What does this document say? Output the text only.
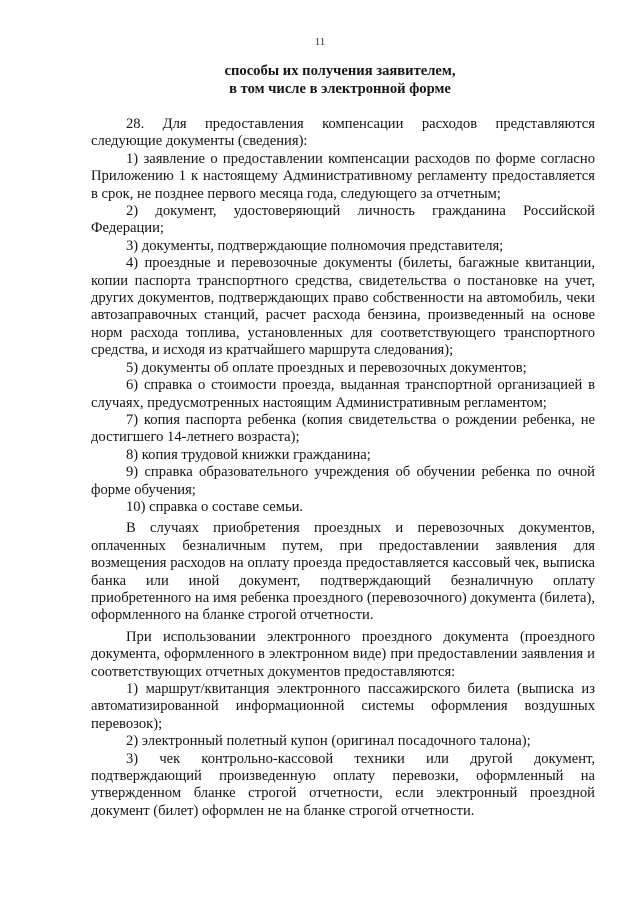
11
способы их получения заявителем,
в том числе в электронной форме

28. Для предоставления компенсации расходов представляются следующие документы (сведения):

1) заявление о предоставлении компенсации расходов по форме согласно Приложению 1 к настоящему Административному регламенту предоставляется в срок, не позднее первого месяца года, следующего за отчетным;

2) документ, удостоверяющий личность гражданина Российской Федерации;

3) документы, подтверждающие полномочия представителя;

4) проездные и перевозочные документы (билеты, багажные квитанции, копии паспорта транспортного средства, свидетельства о постановке на учет, других документов, подтверждающих право собственности на автомобиль, чеки автозаправочных станций, расчет расхода бензина, произведенный на основе норм расхода топлива, установленных для соответствующего транспортного средства, и исходя из кратчайшего маршрута следования);

5) документы об оплате проездных и перевозочных документов;

6) справка о стоимости проезда, выданная транспортной организацией в случаях, предусмотренных настоящим Административным регламентом;

7) копия паспорта ребенка (копия свидетельства о рождении ребенка, не достигшего 14-летнего возраста);

8) копия трудовой книжки гражданина;

9) справка образовательного учреждения об обучении ребенка по очной форме обучения;

10) справка о составе семьи.

В случаях приобретения проездных и перевозочных документов, оплаченных безналичным путем, при предоставлении заявления для возмещения расходов на оплату проезда предоставляется кассовый чек, выписка банка или иной документ, подтверждающий безналичную оплату приобретенного на имя ребенка проездного (перевозочного) документа (билета), оформленного на бланке строгой отчетности.

При использовании электронного проездного документа (проездного документа, оформленного в электронном виде) при предоставлении заявления и соответствующих отчетных документов предоставляются:

1) маршрут/квитанция электронного пассажирского билета (выписка из автоматизированной информационной системы оформления воздушных перевозок);

2) электронный полетный купон (оригинал посадочного талона);

3) чек контрольно-кассовой техники или другой документ, подтверждающий произведенную оплату перевозки, оформленный на утвержденном бланке строгой отчетности, если электронный проездной документ (билет) оформлен не на бланке строгой отчетности.
